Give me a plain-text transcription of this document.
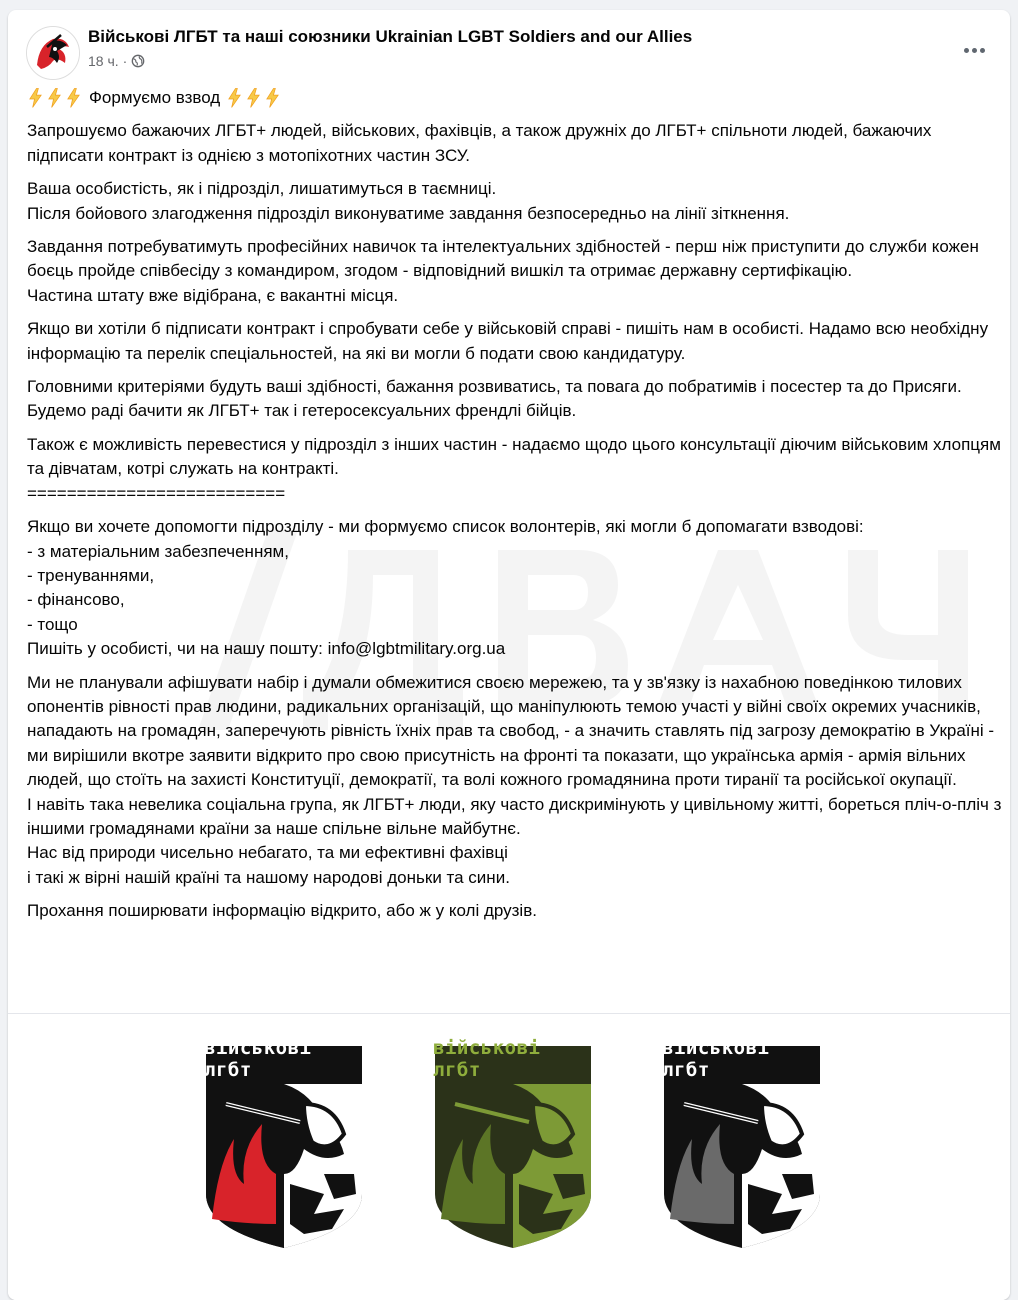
Військові ЛГБТ та наші союзники Ukrainian LGBT Soldiers and our Allies
18 ч. ·

Формуємо взвод

Запрошуємо бажаючих ЛГБТ+ людей, військових, фахівців, а також дружніх до ЛГБТ+ спільноти людей, бажаючих підписати контракт із однією з мотопіхотних частин ЗСУ.

Ваша особистість, як і підрозділ, лишатимуться в таємниці.
Після бойового злагодження підрозділ виконуватиме завдання безпосередньо на лінії зіткнення.

Завдання потребуватимуть професійних навичок та інтелектуальних здібностей - перш ніж приступити до служби кожен боєць пройде співбесіду з командиром, згодом - відповідний вишкіл та отримає державну сертифікацію.
Частина штату вже відібрана, є вакантні місця.

Якщо ви хотіли б підписати контракт і спробувати себе у військовій справі - пишіть нам в особисті. Надамо всю необхідну інформацію та перелік спеціальностей, на які ви могли б подати свою кандидатуру.

Головними критеріями будуть ваші здібності, бажання розвиватись, та повага до побратимів і посестер та до Присяги.
Будемо раді бачити як ЛГБТ+ так і гетеросексуальних френдлі бійців.

Також є можливість перевестися у підрозділ з інших частин - надаємо щодо цього консультації діючим військовим хлопцям та дівчатам, котрі служать на контракті.
==========================

Якщо ви хочете допомогти підрозділу - ми формуємо список волонтерів, які могли б допомагати взводові:
- з матеріальним забезпеченням,
- тренуваннями,
- фінансово,
- тощо
Пишіть у особисті, чи на нашу пошту: info@lgbtmilitary.org.ua

Ми не планували афішувати набір і думали обмежитися своєю мережею, та у зв'язку із нахабною поведінкою тилових опонентів рівності прав людини, радикальних організацій, що маніпулюють темою участі у війні своїх окремих учасників, нападають на громадян, заперечують рівність їхніх прав та свобод, - а значить ставлять під загрозу демократію в Україні - ми вирішили вкотре заявити відкрито про свою присутність на фронті та показати, що українська армія - армія вільних людей, що стоїть на захисті Конституції, демократії, та волі кожного громадянина проти тиранії та російської окупації.
І навіть така невелика соціальна група, як ЛГБТ+ люди, яку часто дискримінують у цивільному житті, бореться пліч-о-пліч з іншими громадянами країни за наше спільне вільне майбутнє.
Нас від природи чисельно небагато, та ми ефективні фахівці
і такі ж вірні нашій країні та нашому народові доньки та сини.

Прохання поширювати інформацію відкрито, або ж у колі друзів.

військові лгбт
військові лгбт
військові лгбт
